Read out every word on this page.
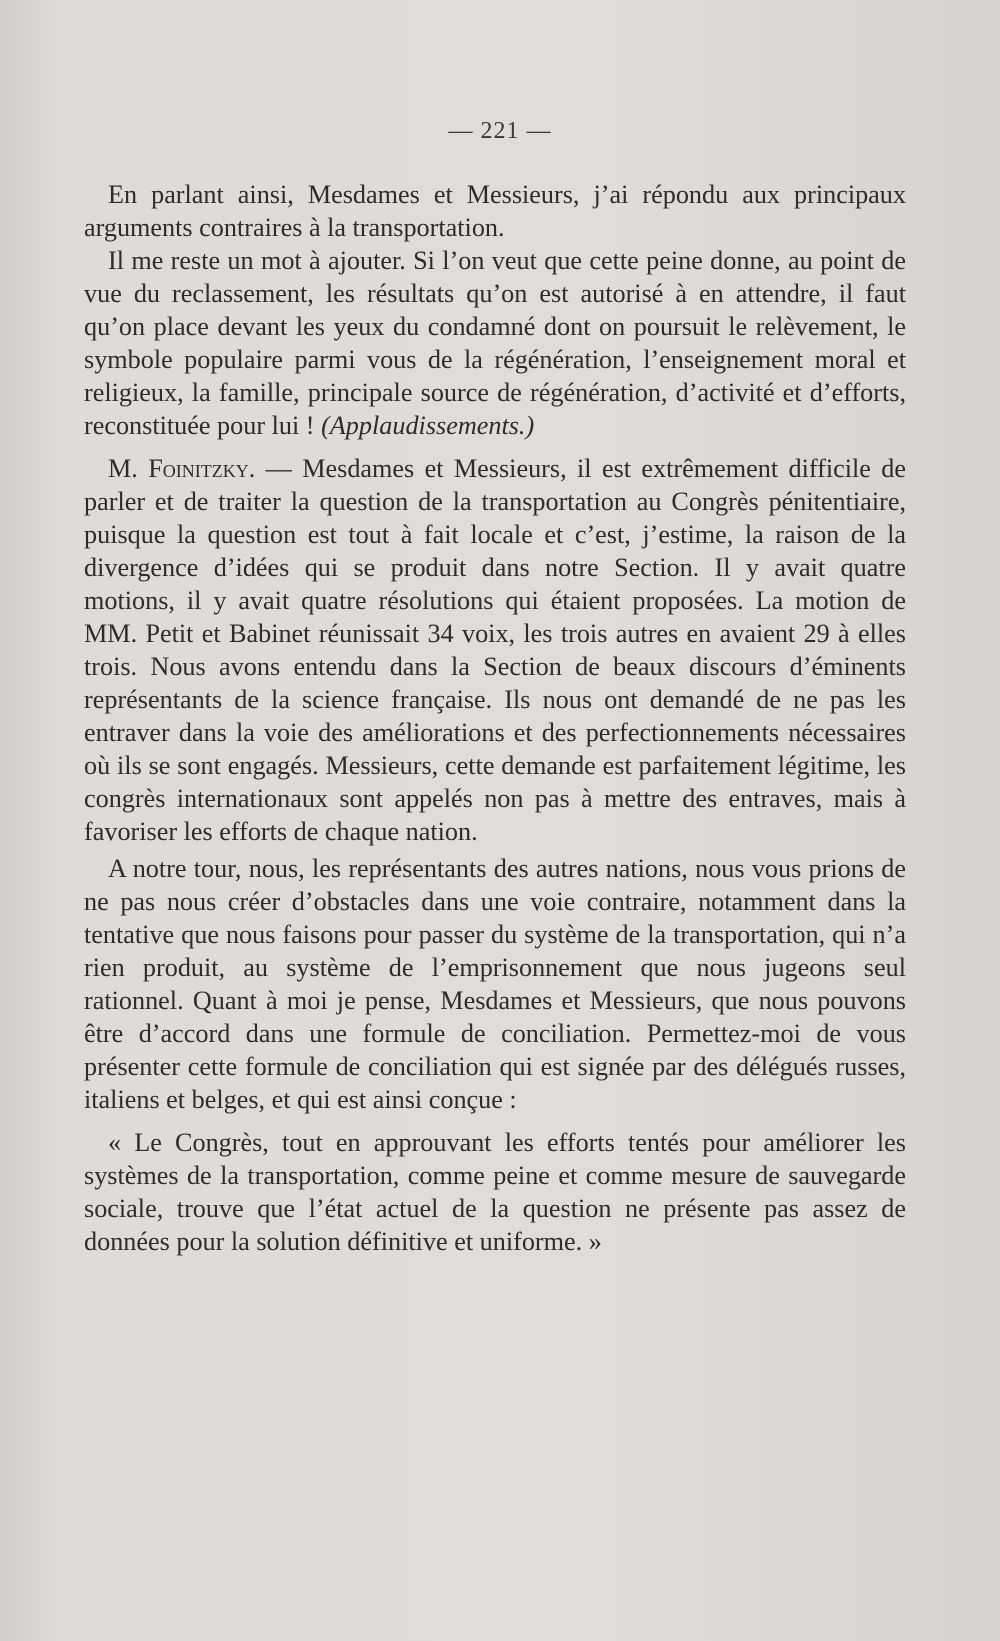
— 221 —

En parlant ainsi, Mesdames et Messieurs, j’ai répondu aux principaux arguments contraires à la transportation.

Il me reste un mot à ajouter. Si l’on veut que cette peine donne, au point de vue du reclassement, les résultats qu’on est autorisé à en attendre, il faut qu’on place devant les yeux du condamné dont on poursuit le relèvement, le symbole populaire parmi vous de la régénération, l’enseignement moral et religieux, la famille, principale source de régénération, d’activité et d’efforts, reconstituée pour lui ! (Applaudissements.)

M. Foinitzky. — Mesdames et Messieurs, il est extrêmement difficile de parler et de traiter la question de la transportation au Congrès pénitentiaire, puisque la question est tout à fait locale et c’est, j’estime, la raison de la divergence d’idées qui se produit dans notre Section. Il y avait quatre motions, il y avait quatre résolutions qui étaient proposées. La motion de MM. Petit et Babinet réunissait 34 voix, les trois autres en avaient 29 à elles trois. Nous avons entendu dans la Section de beaux discours d’éminents représentants de la science française. Ils nous ont demandé de ne pas les entraver dans la voie des améliorations et des perfectionnements nécessaires où ils se sont engagés. Messieurs, cette demande est parfaitement légitime, les congrès internationaux sont appelés non pas à mettre des entraves, mais à favoriser les efforts de chaque nation.

A notre tour, nous, les représentants des autres nations, nous vous prions de ne pas nous créer d’obstacles dans une voie contraire, notamment dans la tentative que nous faisons pour passer du système de la transportation, qui n’a rien produit, au système de l’emprisonnement que nous jugeons seul rationnel. Quant à moi je pense, Mesdames et Messieurs, que nous pouvons être d’accord dans une formule de conciliation. Permettez-moi de vous présenter cette formule de conciliation qui est signée par des délégués russes, italiens et belges, et qui est ainsi conçue :

« Le Congrès, tout en approuvant les efforts tentés pour améliorer les systèmes de la transportation, comme peine et comme mesure de sauvegarde sociale, trouve que l’état actuel de la question ne présente pas assez de données pour la solution définitive et uniforme. »
